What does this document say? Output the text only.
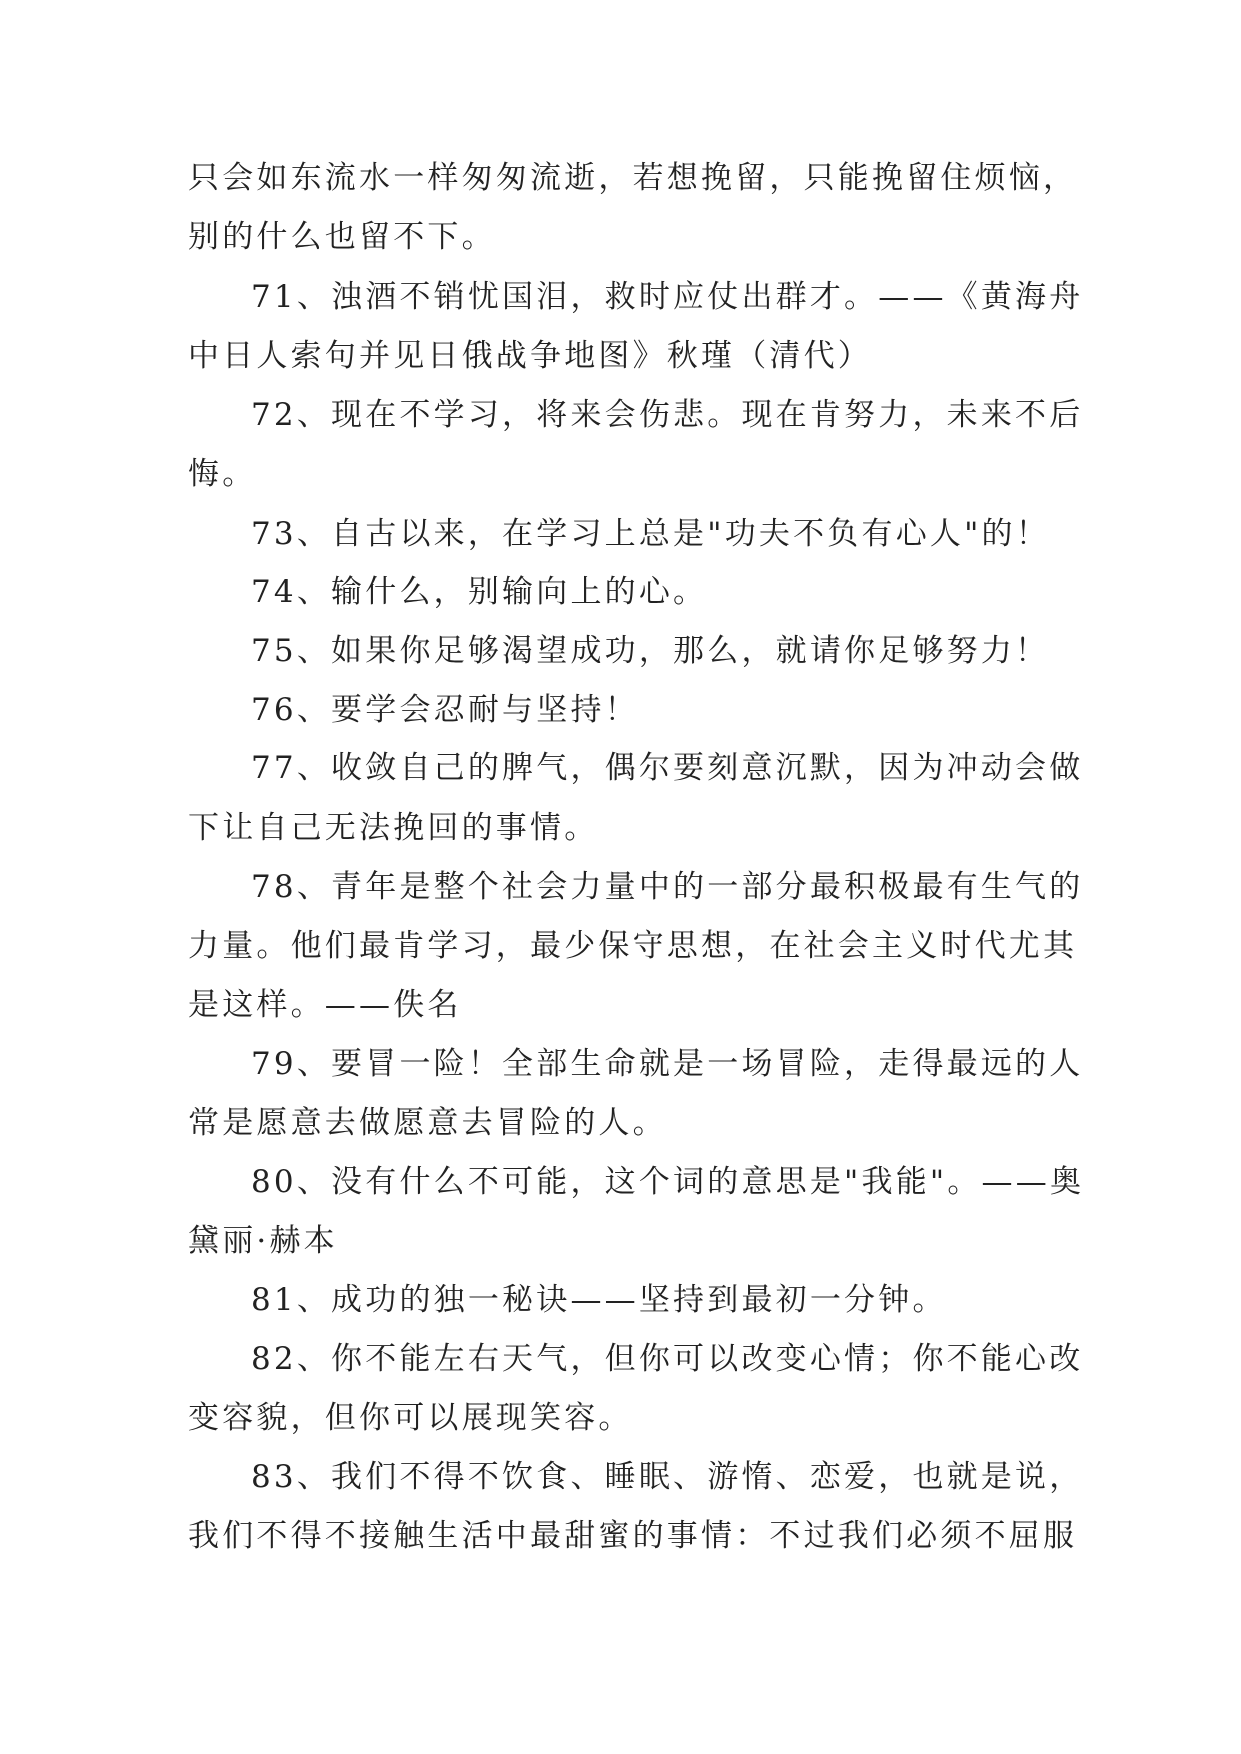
只会如东流水一样匆匆流逝，若想挽留，只能挽留住烦恼，
别的什么也留不下。
71、浊酒不销忧国泪，救时应仗出群才。——《黄海舟
中日人索句并见日俄战争地图》秋瑾（清代）
72、现在不学习，将来会伤悲。现在肯努力，未来不后
悔。
73、自古以来，在学习上总是"功夫不负有心人"的！
74、输什么，别输向上的心。
75、如果你足够渴望成功，那么，就请你足够努力！
76、要学会忍耐与坚持！
77、收敛自己的脾气，偶尔要刻意沉默，因为冲动会做
下让自己无法挽回的事情。
78、青年是整个社会力量中的一部分最积极最有生气的
力量。他们最肯学习，最少保守思想，在社会主义时代尤其
是这样。——佚名
79、要冒一险！全部生命就是一场冒险，走得最远的人
常是愿意去做愿意去冒险的人。
80、没有什么不可能，这个词的意思是"我能"。——奥
黛丽·赫本
81、成功的独一秘诀——坚持到最初一分钟。
82、你不能左右天气，但你可以改变心情；你不能心改
变容貌，但你可以展现笑容。
83、我们不得不饮食、睡眠、游惰、恋爱，也就是说，
我们不得不接触生活中最甜蜜的事情：不过我们必须不屈服
